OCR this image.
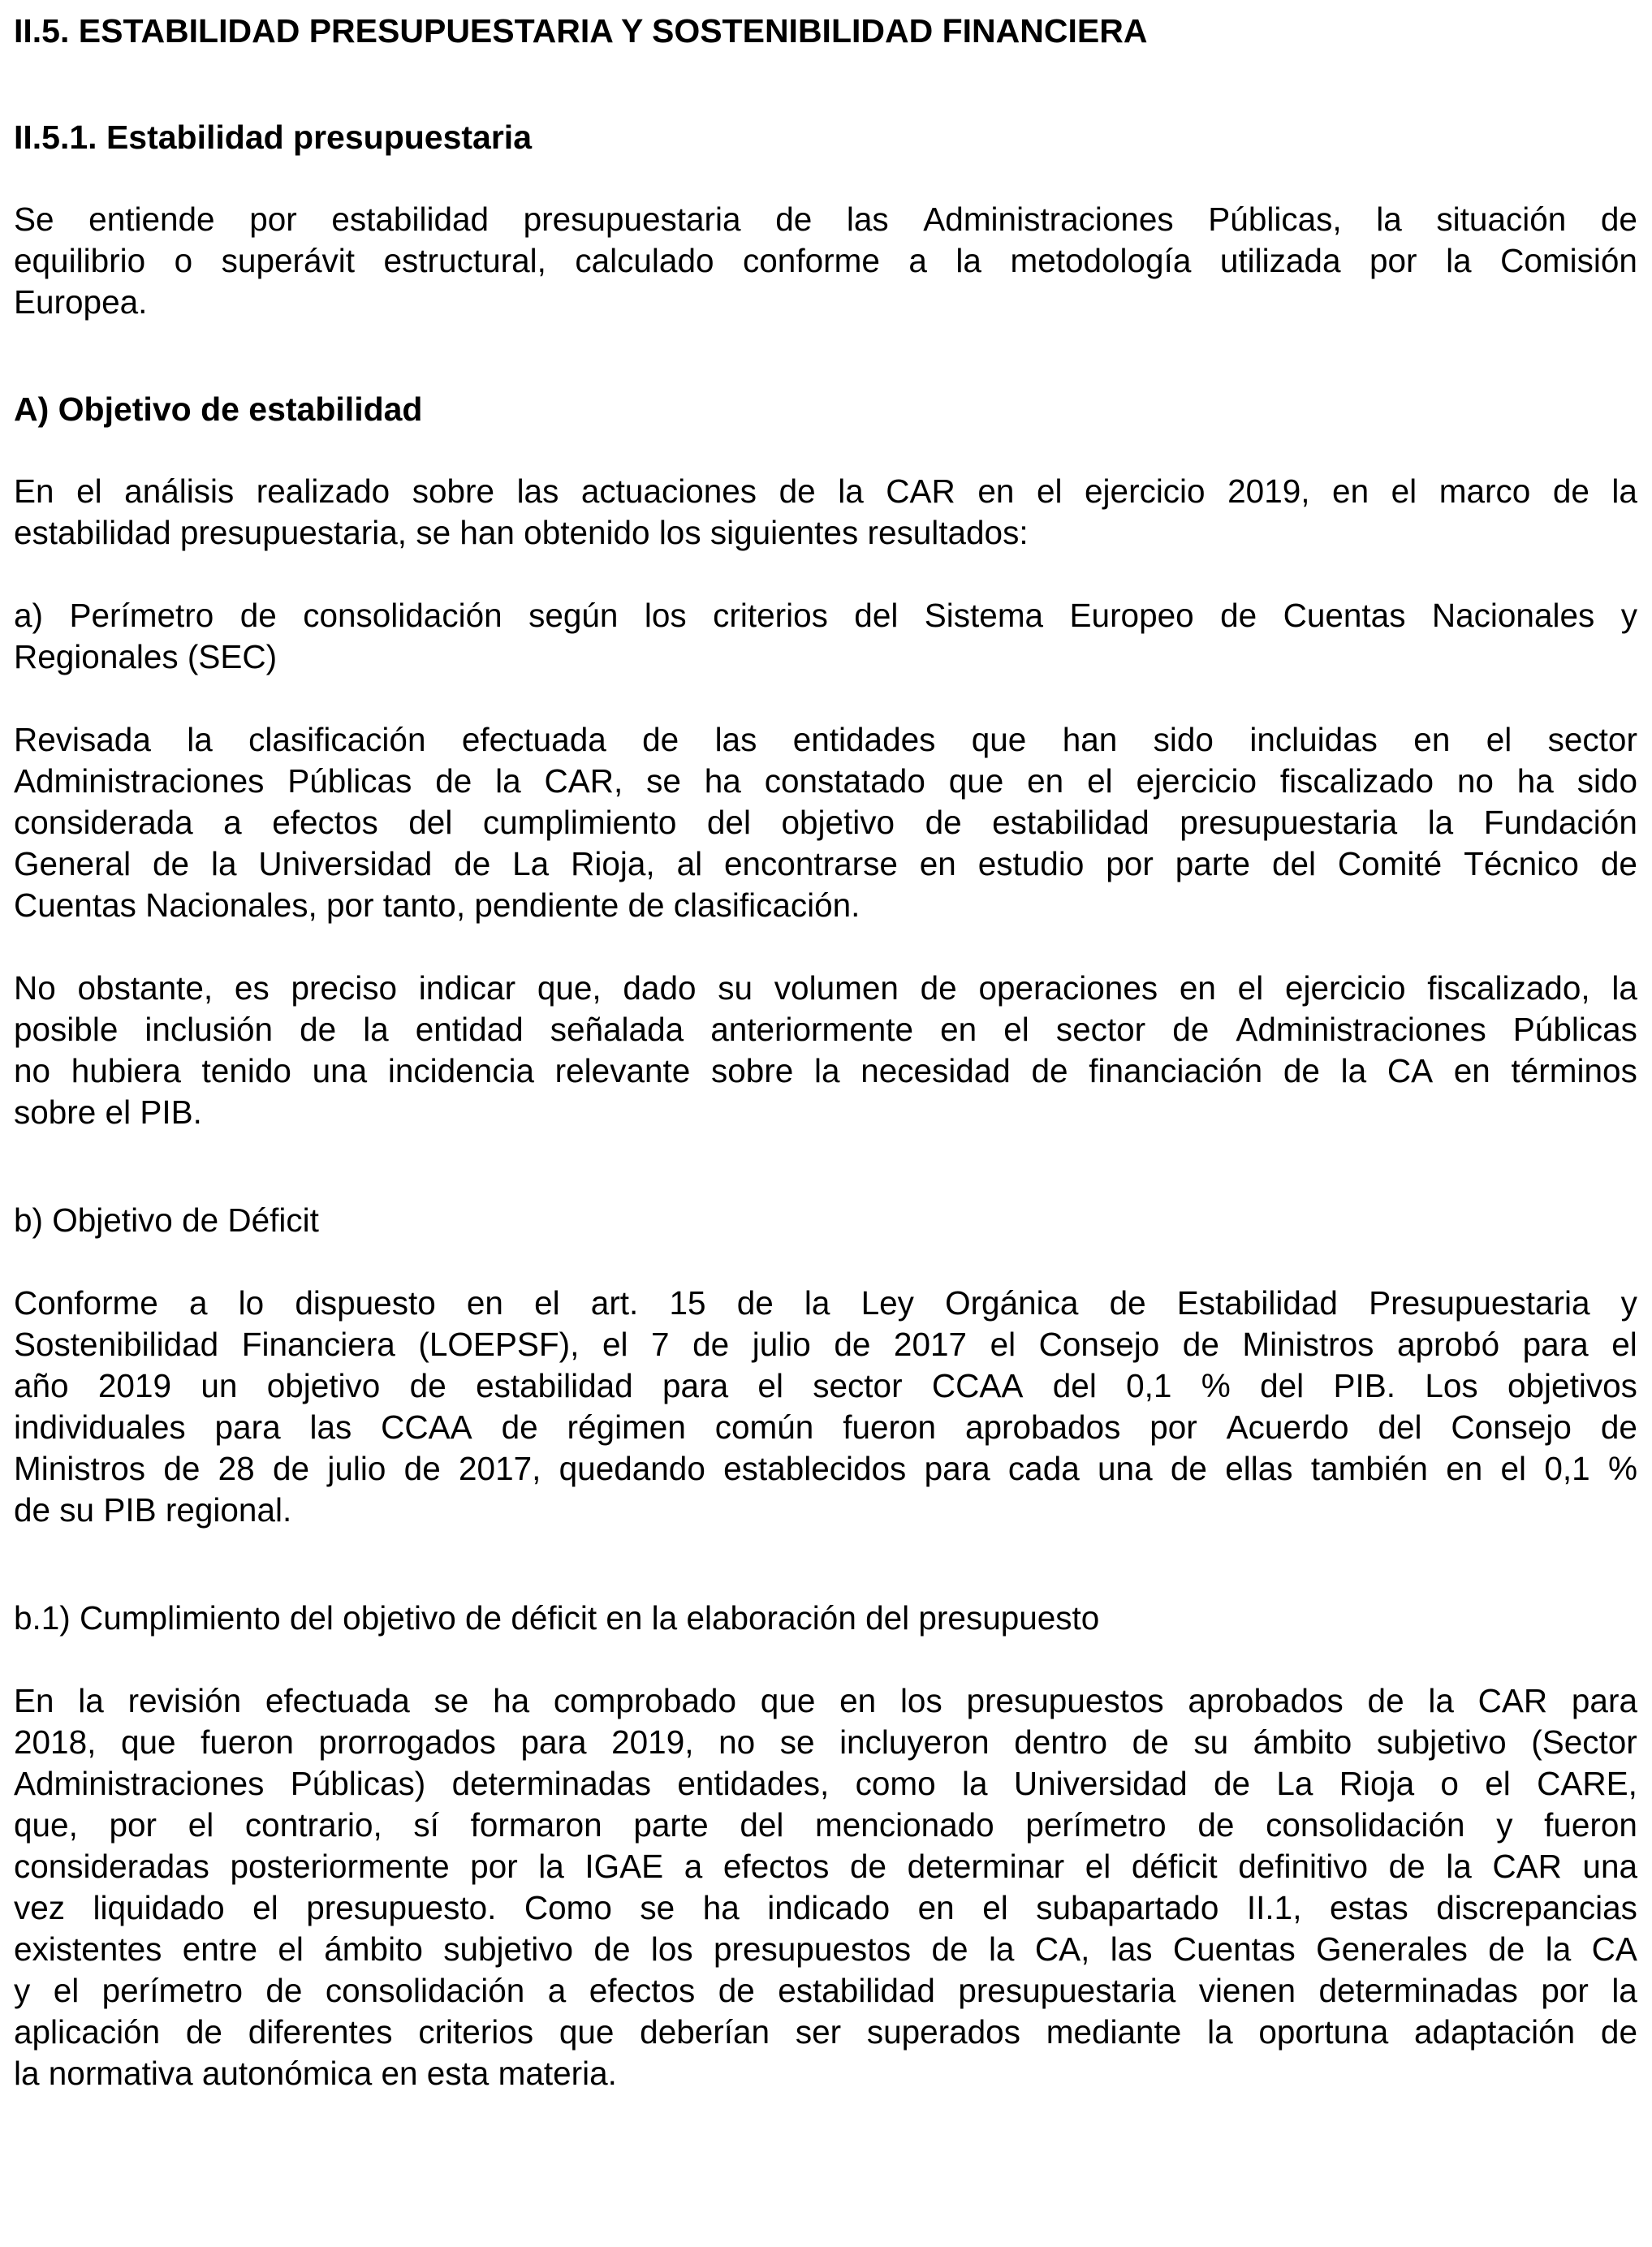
II.5. ESTABILIDAD PRESUPUESTARIA Y SOSTENIBILIDAD FINANCIERA
II.5.1. Estabilidad presupuestaria
Se entiende por estabilidad presupuestaria de las Administraciones Públicas, la situación de
equilibrio o superávit estructural, calculado conforme a la metodología utilizada por la Comisión
Europea.
A) Objetivo de estabilidad
En el análisis realizado sobre las actuaciones de la CAR en el ejercicio 2019, en el marco de la
estabilidad presupuestaria, se han obtenido los siguientes resultados:
a) Perímetro de consolidación según los criterios del Sistema Europeo de Cuentas Nacionales y
Regionales (SEC)
Revisada la clasificación efectuada de las entidades que han sido incluidas en el sector
Administraciones Públicas de la CAR, se ha constatado que en el ejercicio fiscalizado no ha sido
considerada a efectos del cumplimiento del objetivo de estabilidad presupuestaria la Fundación
General de la Universidad de La Rioja, al encontrarse en estudio por parte del Comité Técnico de
Cuentas Nacionales, por tanto, pendiente de clasificación.
No obstante, es preciso indicar que, dado su volumen de operaciones en el ejercicio fiscalizado, la
posible inclusión de la entidad señalada anteriormente en el sector de Administraciones Públicas
no hubiera tenido una incidencia relevante sobre la necesidad de financiación de la CA en términos
sobre el PIB.
b) Objetivo de Déficit
Conforme a lo dispuesto en el art. 15 de la Ley Orgánica de Estabilidad Presupuestaria y
Sostenibilidad Financiera (LOEPSF), el 7 de julio de 2017 el Consejo de Ministros aprobó para el
año 2019 un objetivo de estabilidad para el sector CCAA del 0,1 % del PIB. Los objetivos
individuales para las CCAA de régimen común fueron aprobados por Acuerdo del Consejo de
Ministros de 28 de julio de 2017, quedando establecidos para cada una de ellas también en el 0,1 %
de su PIB regional.
b.1) Cumplimiento del objetivo de déficit en la elaboración del presupuesto
En la revisión efectuada se ha comprobado que en los presupuestos aprobados de la CAR para
2018, que fueron prorrogados para 2019, no se incluyeron dentro de su ámbito subjetivo (Sector
Administraciones Públicas) determinadas entidades, como la Universidad de La Rioja o el CARE,
que, por el contrario, sí formaron parte del mencionado perímetro de consolidación y fueron
consideradas posteriormente por la IGAE a efectos de determinar el déficit definitivo de la CAR una
vez liquidado el presupuesto. Como se ha indicado en el subapartado II.1, estas discrepancias
existentes entre el ámbito subjetivo de los presupuestos de la CA, las Cuentas Generales de la CA
y el perímetro de consolidación a efectos de estabilidad presupuestaria vienen determinadas por la
aplicación de diferentes criterios que deberían ser superados mediante la oportuna adaptación de
la normativa autonómica en esta materia.
